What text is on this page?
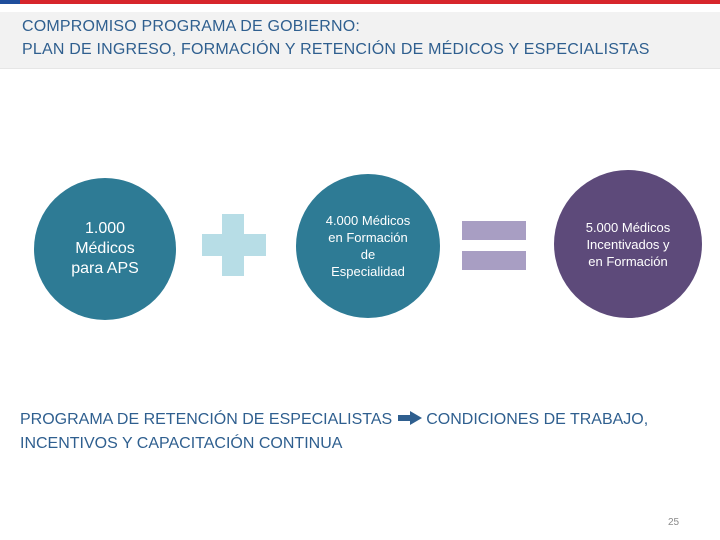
COMPROMISO PROGRAMA DE GOBIERNO:
PLAN DE INGRESO, FORMACIÓN Y RETENCIÓN DE MÉDICOS Y ESPECIALISTAS
1.000
Médicos
para APS
4.000 Médicos
en Formación
de
Especialidad
5.000 Médicos
Incentivados y
en Formación
PROGRAMA DE RETENCIÓN DE ESPECIALISTAS CONDICIONES DE TRABAJO,
INCENTIVOS Y CAPACITACIÓN CONTINUA
25
